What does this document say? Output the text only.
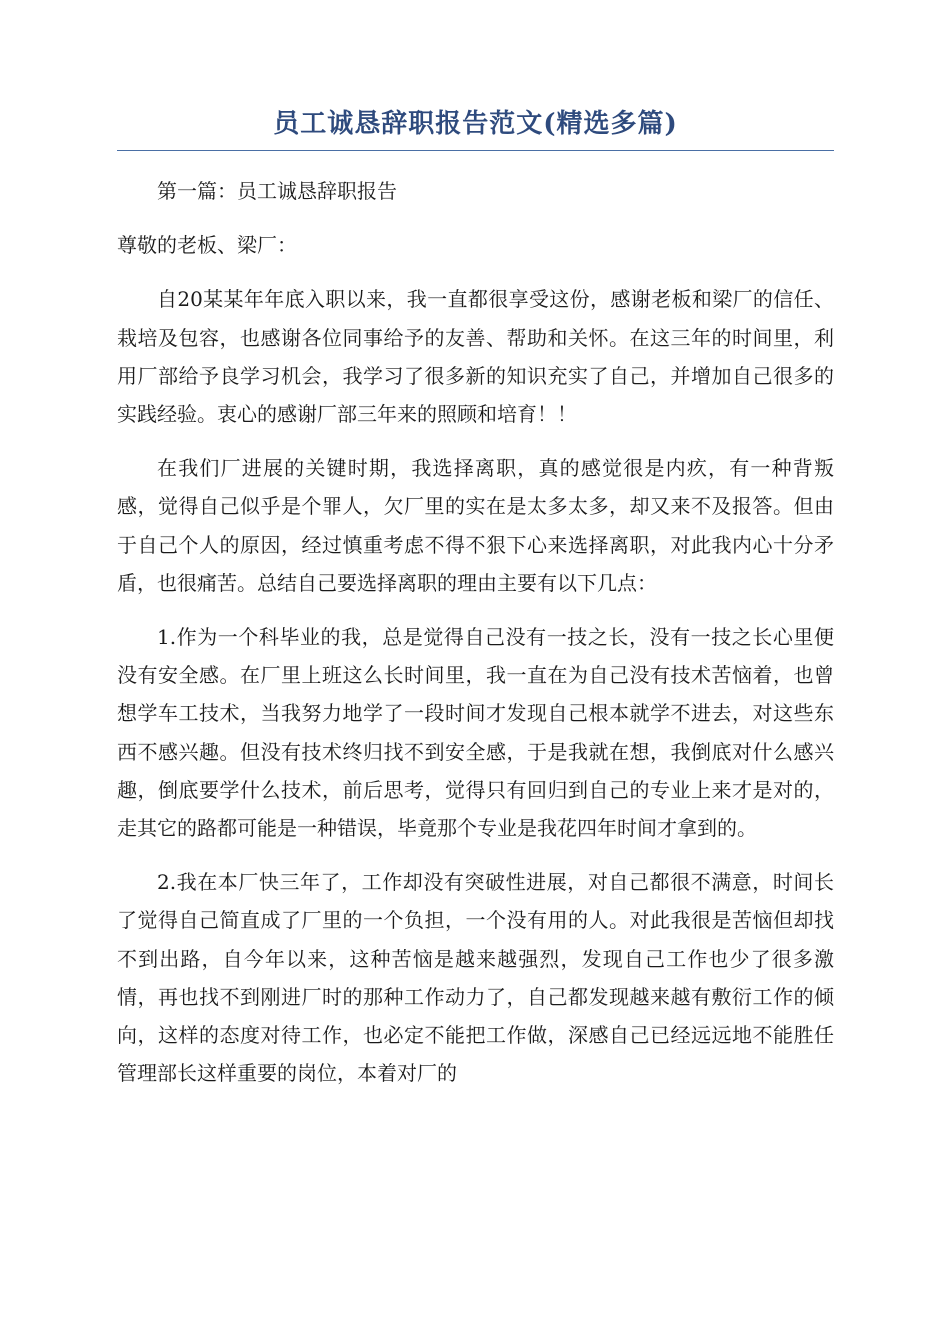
员工诚恳辞职报告范文(精选多篇)

第一篇：员工诚恳辞职报告

尊敬的老板、梁厂：

自20某某年年底入职以来，我一直都很享受这份，感谢老板和梁厂的信任、栽培及包容，也感谢各位同事给予的友善、帮助和关怀。在这三年的时间里，利用厂部给予良学习机会，我学习了很多新的知识充实了自己，并增加自己很多的实践经验。衷心的感谢厂部三年来的照顾和培育！！

在我们厂进展的关键时期，我选择离职，真的感觉很是内疚，有一种背叛感，觉得自己似乎是个罪人，欠厂里的实在是太多太多，却又来不及报答。但由于自己个人的原因，经过慎重考虑不得不狠下心来选择离职，对此我内心十分矛盾，也很痛苦。总结自己要选择离职的理由主要有以下几点：

1.作为一个科毕业的我，总是觉得自己没有一技之长，没有一技之长心里便没有安全感。在厂里上班这么长时间里，我一直在为自己没有技术苦恼着，也曾想学车工技术，当我努力地学了一段时间才发现自己根本就学不进去，对这些东西不感兴趣。但没有技术终归找不到安全感，于是我就在想，我倒底对什么感兴趣，倒底要学什么技术，前后思考，觉得只有回归到自己的专业上来才是对的，走其它的路都可能是一种错误，毕竟那个专业是我花四年时间才拿到的。

2.我在本厂快三年了，工作却没有突破性进展，对自己都很不满意，时间长了觉得自己简直成了厂里的一个负担，一个没有用的人。对此我很是苦恼但却找不到出路，自今年以来，这种苦恼是越来越强烈，发现自己工作也少了很多激情，再也找不到刚进厂时的那种工作动力了，自己都发现越来越有敷衍工作的倾向，这样的态度对待工作，也必定不能把工作做，深感自己已经远远地不能胜任管理部长这样重要的岗位，本着对厂的
